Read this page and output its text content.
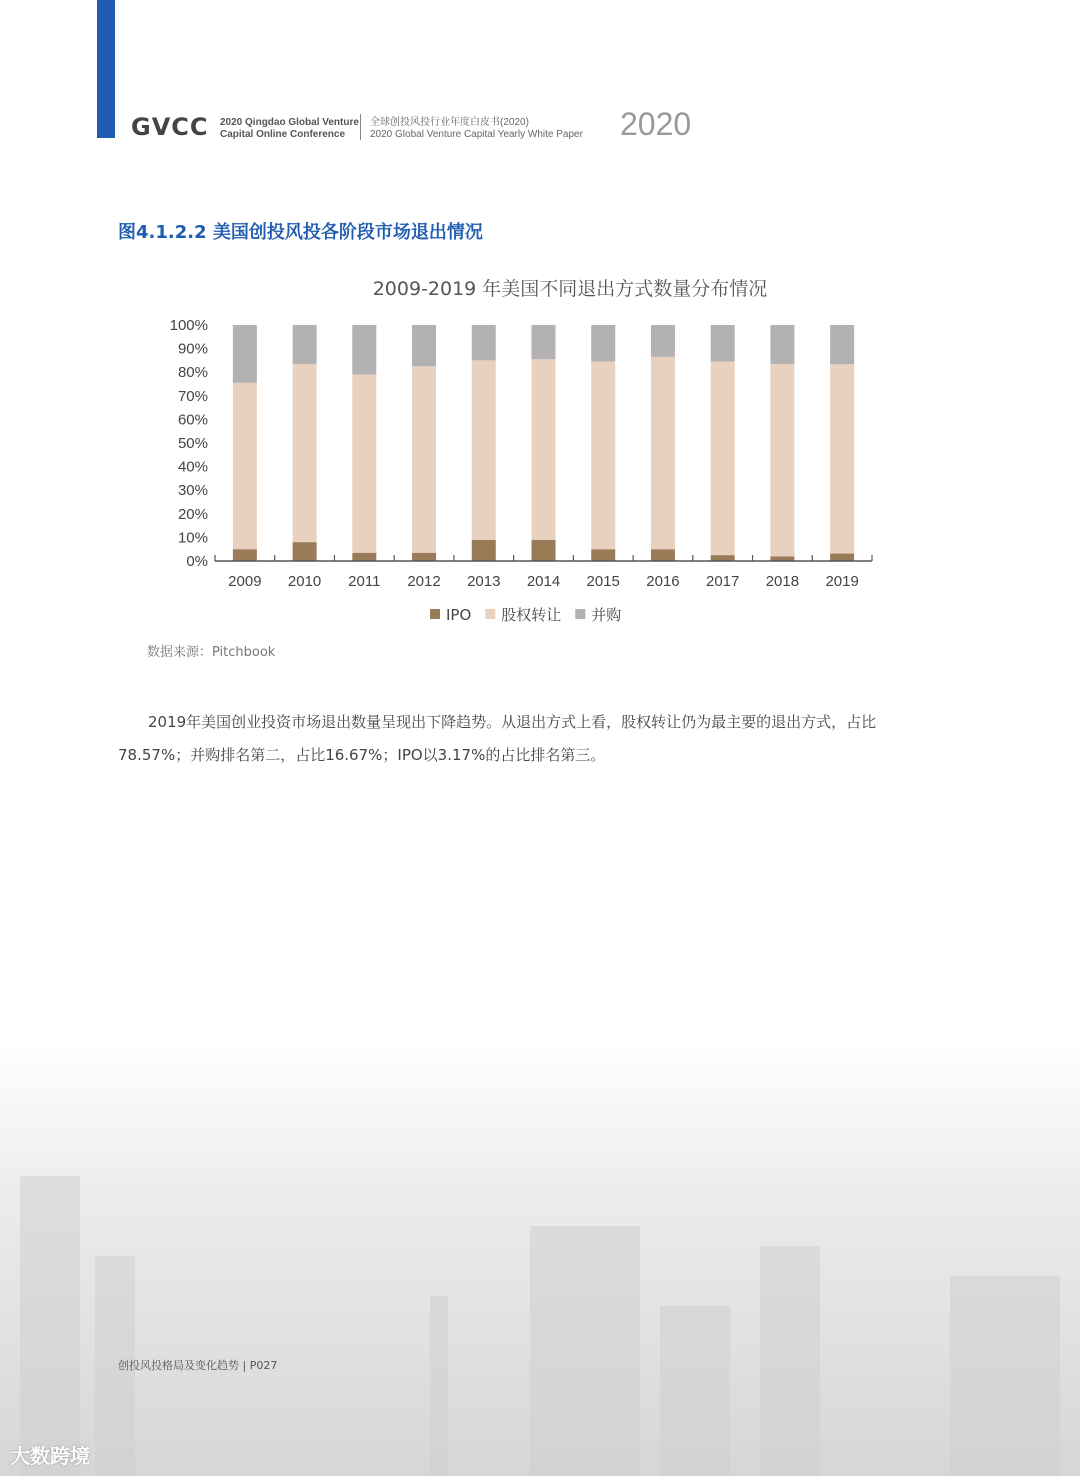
GVCC 2020 Qingdao Global Venture
Capital Online Conference
全球创投风投行业年度白皮书(2020)
2020 Global Venture Capital Yearly White Paper 2020
图4.1.2.2 美国创投风投各阶段市场退出情况
2009-2019 年美国不同退出方式数量分布情况
0%
10%
20%
30%
40%
50%
60%
70%
80%
90%
100%
2009 2010 2011 2012 2013 2014 2015 2016 2017 2018 2019
IPO 股权转让 并购
数据来源：Pitchbook
2019年美国创业投资市场退出数量呈现出下降趋势。从退出方式上看，股权转让仍为最主要的退出方式，占比78.57%；并购排名第二，占比16.67%；IPO以3.17%的占比排名第三。
创投风投格局及变化趋势 | P027
大数跨境
